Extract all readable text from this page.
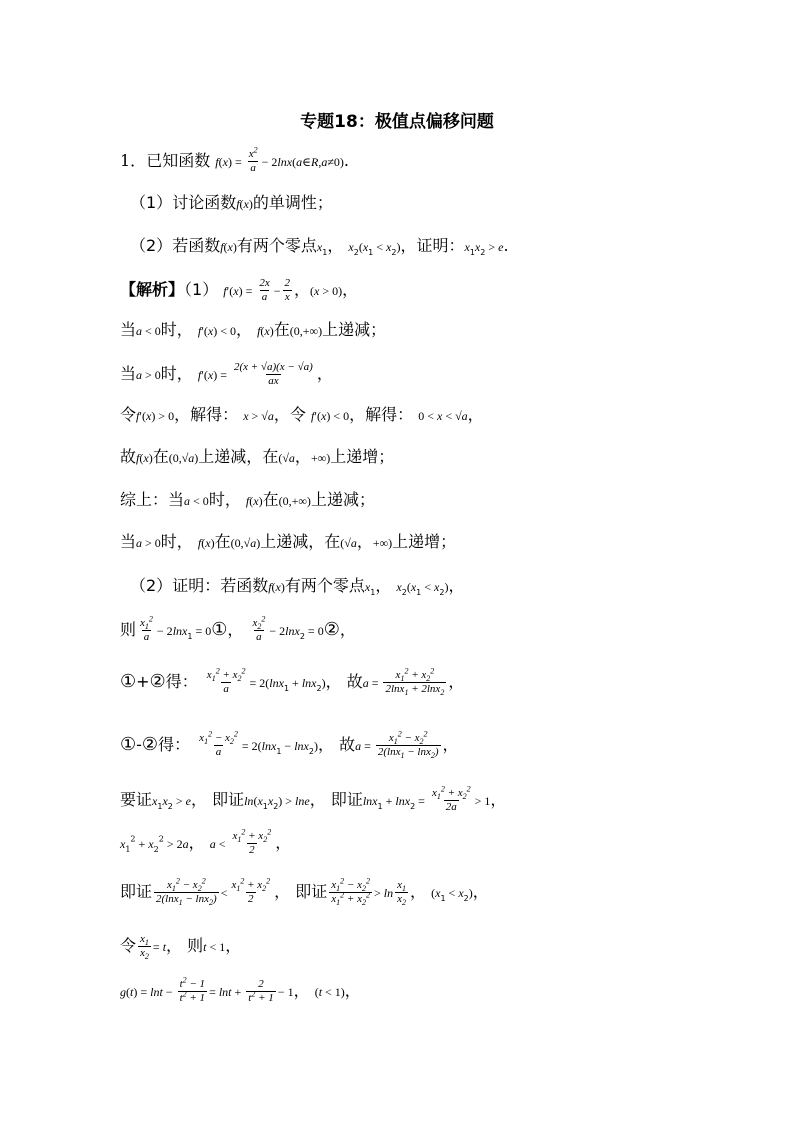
专题18：极值点偏移问题
1．已知函数 $f(x) = \frac{x^2}{a}$ − 2lnx(a∈R,a≠0).
（1）讨论函数f(x)的单调性；
（2）若函数f(x)有两个零点$x_1$， $x_2(x_1 < x_2)$，证明：$x_1x_2 > e$.
【解析】（1） $f'(x) = \frac{2x}{a} - \frac{2}{x}$ ，(x > 0)，
当a < 0时， f′(x) < 0， f(x)在(0,+∞)上递减；
当a > 0时， $f'(x) = \frac{2(x + √a)(x - √a)}{ax}$ ，
令f′(x) > 0，解得： x > √a，令 f′(x) < 0，解得： 0 < x < √a，
故f(x)在(0,√a)上递减，在(√a，+∞)上递增；
综上：当a < 0时， f(x)在(0,+∞)上递减；
当a > 0时， f(x)在(0,√a)上递减，在(√a，+∞)上递增；
（2）证明：若函数f(x)有两个零点$x_1$， $x_2(x_1 < x_2)$，
则 $\frac{x_1^2}{a} - 2\ln x_1$ = 0①， $\frac{x_2^2}{a} - 2\ln x_2$ = 0②，
①+②得： $\frac{x_1^2 + x_2^2}{a} = 2(\ln x_1 + \ln x_2)$， 故$a = \frac{x_1^2 + x_2^2}{2\ln x_1 + 2\ln x_2}$ ，
①-②得： $\frac{x_1^2 - x_2^2}{a} = 2(\ln x_1 - \ln x_2)$， 故$a = \frac{x_1^2 - x_2^2}{2(\ln x_1 - \ln x_2)}$ ，
要证$x_1x_2 > e$， 即证$\ln(x_1x_2) > \ln e$， 即证$\ln x_1 + \ln x_2 = \frac{x_1^2 + x_2^2}{2a} > 1$，
$x_1^2 + x_2^2 > 2a$， $a < \frac{x_1^2 + x_2^2}{2}$ ，
即证 $\frac{x_1^2 - x_2^2}{2(\ln x_1 - \ln x_2)} < \frac{x_1^2 + x_2^2}{2}$ ， 即证 $\frac{x_1^2 - x_2^2}{x_1^2 + x_2^2} > \ln \frac{x_1}{x_2}$ ， $(x_1 < x_2)$，
令 $\frac{x_1}{x_2} = t$， 则t < 1，
$g(t) = \ln t - \frac{t^2 - 1}{t^2 + 1} = \ln t + \frac{2}{t^2 + 1} - 1$， (t < 1)，
